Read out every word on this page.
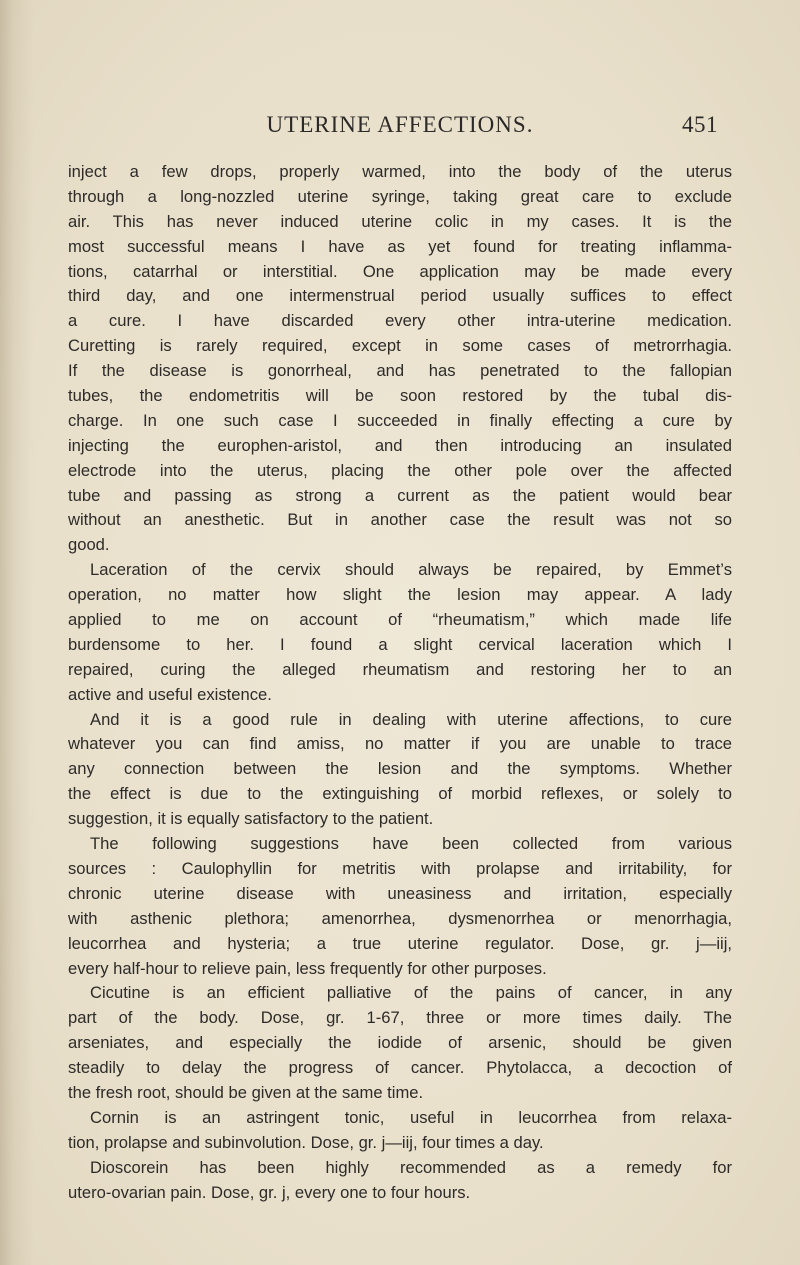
UTERINE AFFECTIONS.	451
inject a few drops, properly warmed, into the body of the uterus
through a long-nozzled uterine syringe, taking great care to exclude
air. This has never induced uterine colic in my cases. It is the
most successful means I have as yet found for treating inflamma-
tions, catarrhal or interstitial. One application may be made every
third day, and one intermenstrual period usually suffices to effect
a cure. I have discarded every other intra-uterine medication.
Curetting is rarely required, except in some cases of metrorrhagia.
If the disease is gonorrheal, and has penetrated to the fallopian
tubes, the endometritis will be soon restored by the tubal dis-
charge. In one such case I succeeded in finally effecting a cure by
injecting the europhen-aristol, and then introducing an insulated
electrode into the uterus, placing the other pole over the affected
tube and passing as strong a current as the patient would bear
without an anesthetic. But in another case the result was not so
good.
Laceration of the cervix should always be repaired, by Emmet’s
operation, no matter how slight the lesion may appear. A lady
applied to me on account of “rheumatism,” which made life
burdensome to her. I found a slight cervical laceration which I
repaired, curing the alleged rheumatism and restoring her to an
active and useful existence.
And it is a good rule in dealing with uterine affections, to cure
whatever you can find amiss, no matter if you are unable to trace
any connection between the lesion and the symptoms. Whether
the effect is due to the extinguishing of morbid reflexes, or solely to
suggestion, it is equally satisfactory to the patient.
The following suggestions have been collected from various
sources : Caulophyllin for metritis with prolapse and irritability, for
chronic uterine disease with uneasiness and irritation, especially
with asthenic plethora; amenorrhea, dysmenorrhea or menorrhagia,
leucorrhea and hysteria; a true uterine regulator. Dose, gr. j—iij,
every half-hour to relieve pain, less frequently for other purposes.
Cicutine is an efficient palliative of the pains of cancer, in any
part of the body. Dose, gr. 1-67, three or more times daily. The
arseniates, and especially the iodide of arsenic, should be given
steadily to delay the progress of cancer. Phytolacca, a decoction of
the fresh root, should be given at the same time.
Cornin is an astringent tonic, useful in leucorrhea from relaxa-
tion, prolapse and subinvolution. Dose, gr. j—iij, four times a day.
Dioscorein has been highly recommended as a remedy for
utero-ovarian pain. Dose, gr. j, every one to four hours.
